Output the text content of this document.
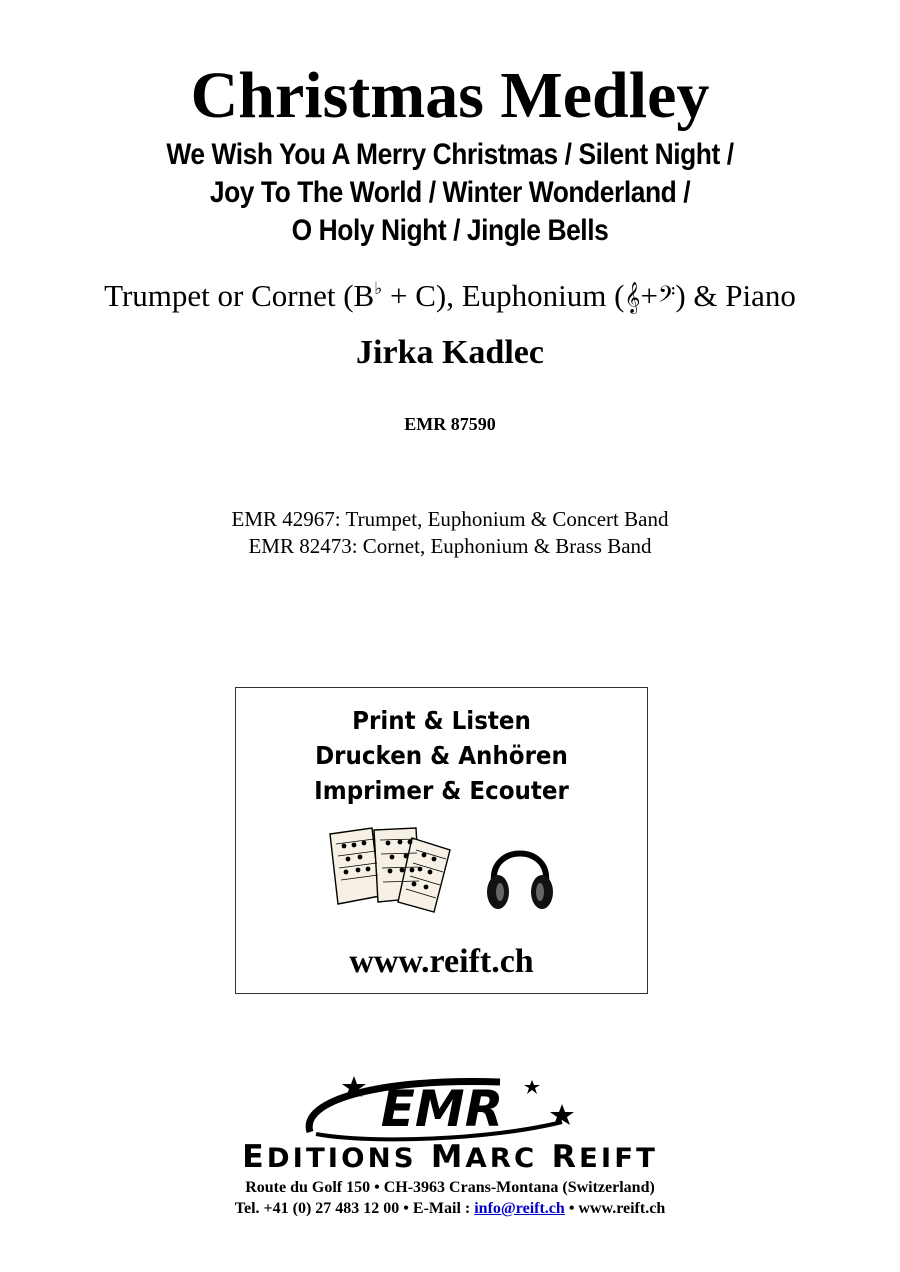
Christmas Medley
We Wish You A Merry Christmas / Silent Night /
Joy To The World / Winter Wonderland /
O Holy Night / Jingle Bells
Trumpet or Cornet (B♭ + C), Euphonium (𝄞+𝄢) & Piano
Jirka Kadlec
EMR 87590
EMR 42967: Trumpet, Euphonium & Concert Band
EMR 82473: Cornet, Euphonium & Brass Band
Print & Listen
Drucken & Anhören
Imprimer & Ecouter
www.reift.ch
EMR
EDITIONS MARC REIFT
Route du Golf 150 • CH-3963 Crans-Montana (Switzerland)
Tel. +41 (0) 27 483 12 00 • E-Mail : info@reift.ch • www.reift.ch
